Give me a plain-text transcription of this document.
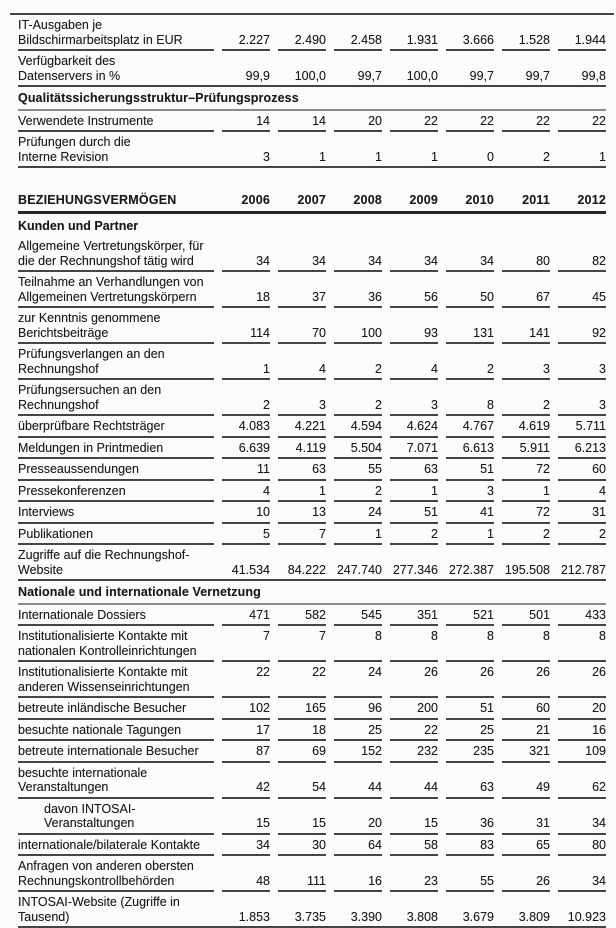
IT-Ausgaben je
Bildschirmarbeitsplatz in EUR	2.227	2.490	2.458	1.931	3.666	1.528	1.944
Verfügbarkeit des
Datenservers in %	99,9	100,0	99,7	100,0	99,7	99,7	99,8

Qualitätssicherungsstruktur–Prüfungsprozess							
Verwendete Instrumente	14	14	20	22	22	22	22
Prüfungen durch die
Interne Revision	3	1	1	1	0	2	1

BEZIEHUNGSVERMÖGEN	2006	2007	2008	2009	2010	2011	2012

Kunden und Partner							
Allgemeine Vertretungskörper, für
die der Rechnungshof tätig wird	34	34	34	34	34	80	82
Teilnahme an Verhandlungen von
Allgemeinen Vertretungskörpern	18	37	36	56	50	67	45
zur Kenntnis genommene
Berichtsbeiträge	114	70	100	93	131	141	92
Prüfungsverlangen an den
Rechnungshof	1	4	2	4	2	3	3
Prüfungsersuchen an den
Rechnungshof	2	3	2	3	8	2	3
überprüfbare Rechtsträger	4.083	4.221	4.594	4.624	4.767	4.619	5.711
Meldungen in Printmedien	6.639	4.119	5.504	7.071	6.613	5.911	6.213
Presseaussendungen	11	63	55	63	51	72	60
Pressekonferenzen	4	1	2	1	3	1	4
Interviews	10	13	24	51	41	72	31
Publikationen	5	7	1	2	1	2	2
Zugriffe auf die Rechnungshof-
Website	41.534	84.222	247.740	277.346	272.387	195.508	212.787

Nationale und internationale Vernetzung							
Internationale Dossiers	471	582	545	351	521	501	433
Institutionalisierte Kontakte mit
nationalen Kontrolleinrichtungen	7	7	8	8	8	8	8
Institutionalisierte Kontakte mit
anderen Wissenseinrichtungen	22	22	24	26	26	26	26
betreute inländische Besucher	102	165	96	200	51	60	20
besuchte nationale Tagungen	17	18	25	22	25	21	16
betreute internationale Besucher	87	69	152	232	235	321	109
besuchte internationale
Veranstaltungen	42	54	44	44	63	49	62
davon INTOSAI-
Veranstaltungen	15	15	20	15	36	31	34
internationale/bilaterale Kontakte	34	30	64	58	83	65	80
Anfragen von anderen obersten
Rechnungskontrollbehörden	48	111	16	23	55	26	34
INTOSAI-Website (Zugriffe in
Tausend)	1.853	3.735	3.390	3.808	3.679	3.809	10.923
